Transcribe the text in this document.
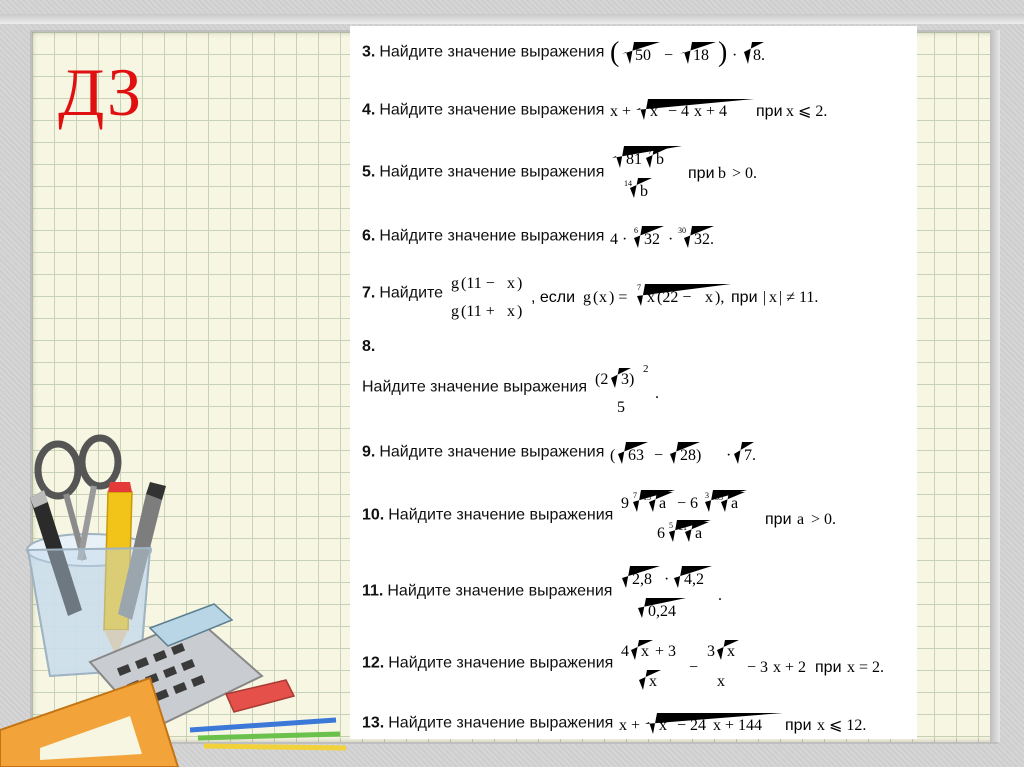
ДЗ
3. Найдите значение выражения ( 50 − 18 ) · 8.
4. Найдите значение выражения x + x 2 − 4 x + 4 при x ⩽ 2.
5. Найдите значение выражения
81 7 b
14 b
при b > 0.
6. Найдите значение выражения 4 ·
6
32 ·
30
32.
7. Найдите
g (11 − x )
g (11 + x )
, если g ( x ) =
7
x (22 − x ), при | x | ≠ 11.
8.
Найдите значение выражения (2 3)
2
5
.
9. Найдите значение выражения ( 63 − 28) · 7.
10. Найдите значение выражения
9 7 15 a − 6 3 35 a
6 5 21 a
при a > 0.
11. Найдите значение выражения
2,8 · 4,2
0,24
.
12. Найдите значение выражения
4 x + 3
x
−
3 x
x
− 3 x + 2 при x = 2.
13. Найдите значение выражения x + x 2 − 24 x + 144 при x ⩽ 12.
